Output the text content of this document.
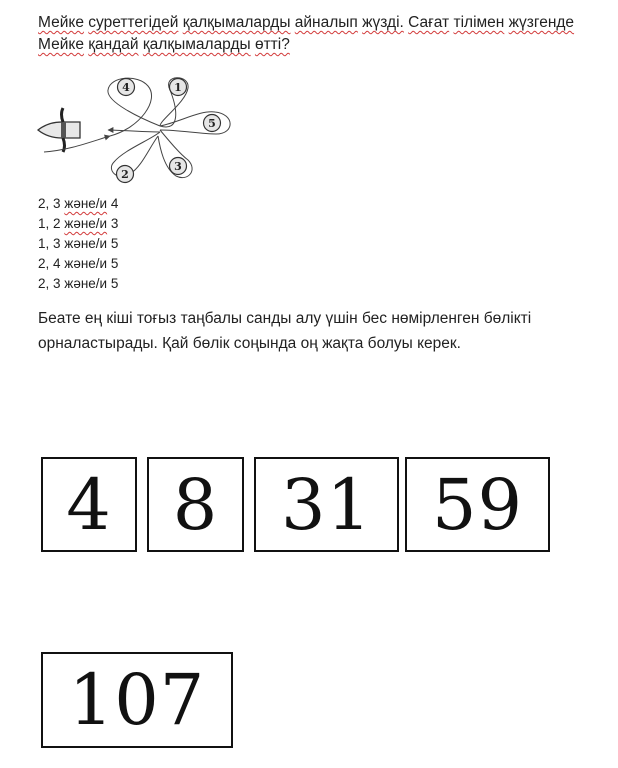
Мейке суреттегідей қалқымаларды айналып жүзді. Сағат тілімен жүзгенде
Мейке қандай қалқымаларды өтті?

4	1
5
2
3
2, 3 және/и 4
1, 2 және/и 3
1, 3 және/и 5
2, 4 және/и 5
2, 3 және/и 5

Беате ең кіші тоғыз таңбалы санды алу үшін бес нөмірленген бөлікті
орналастырады. Қай бөлік соңында оң жақта болуы керек.

4 8 31 59
107
